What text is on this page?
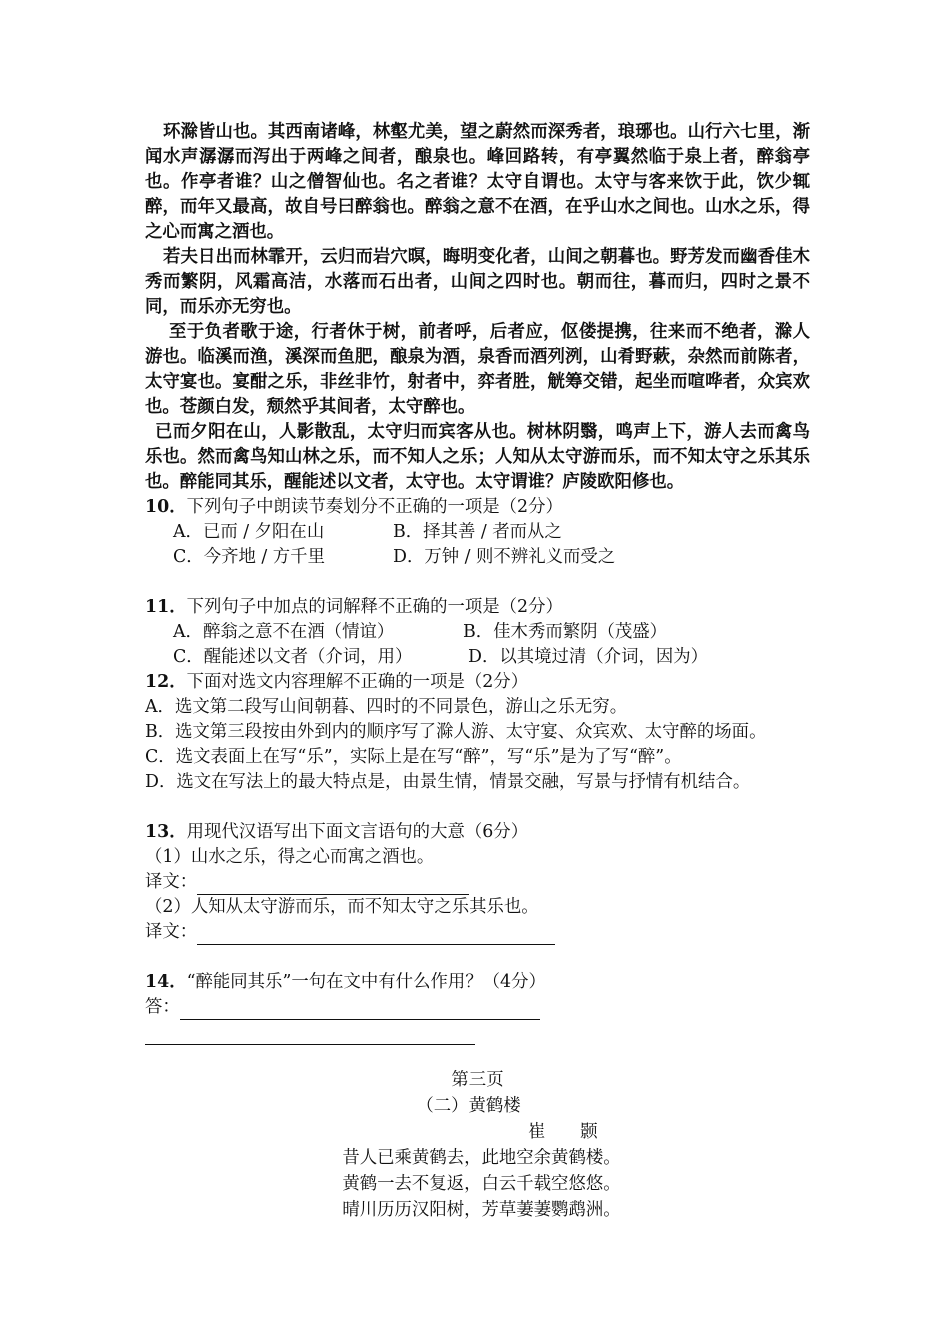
环滁皆山也。其西南诸峰，林壑尤美，望之蔚然而深秀者，琅琊也。山行六七里，渐闻水声潺潺而泻出于两峰之间者，酿泉也。峰回路转，有亭翼然临于泉上者，醉翁亭也。作亭者谁？山之僧智仙也。名之者谁？太守自谓也。太守与客来饮于此，饮少辄醉，而年又最高，故自号曰醉翁也。醉翁之意不在酒，在乎山水之间也。山水之乐，得之心而寓之酒也。

若夫日出而林霏开，云归而岩穴暝，晦明变化者，山间之朝暮也。野芳发而幽香佳木秀而繁阴，风霜高洁，水落而石出者，山间之四时也。朝而往，暮而归，四时之景不同，而乐亦无穷也。

至于负者歌于途，行者休于树，前者呼，后者应，伛偻提携，往来而不绝者，滁人游也。临溪而渔，溪深而鱼肥，酿泉为酒，泉香而酒列洌，山肴野蔌，杂然而前陈者，太守宴也。宴酣之乐，非丝非竹，射者中，弈者胜，觥筹交错，起坐而喧哗者，众宾欢也。苍颜白发，颓然乎其间者，太守醉也。

已而夕阳在山，人影散乱，太守归而宾客从也。树林阴翳，鸣声上下，游人去而禽鸟乐也。然而禽鸟知山林之乐，而不知人之乐；人知从太守游而乐，而不知太守之乐其乐也。醉能同其乐，醒能述以文者，太守也。太守谓谁？庐陵欧阳修也。

10．下列句子中朗读节奏划分不正确的一项是（2分）

A．已而 / 夕阳在山	B．择其善 / 者而从之
C．今齐地 / 方千里	D．万钟 / 则不辨礼义而受之

11．下列句子中加点的词解释不正确的一项是（2分）

A．醉翁之意不在酒（情谊）	B．佳木秀而繁阴（茂盛）
C．醒能述以文者（介词，用）	D．以其境过清（介词，因为）

12．下面对选文内容理解不正确的一项是（2分）

A．选文第二段写山间朝暮、四时的不同景色，游山之乐无穷。

B．选文第三段按由外到内的顺序写了滁人游、太守宴、众宾欢、太守醉的场面。

C．选文表面上在写“乐”，实际上是在写“醉”，写“乐”是为了写“醉”。

D．选文在写法上的最大特点是，由景生情，情景交融，写景与抒情有机结合。

13．用现代汉语写出下面文言语句的大意（6分）

（1）山水之乐，得之心而寓之酒也。

译文：

（2）人知从太守游而乐，而不知太守之乐其乐也。

译文：

14．“醉能同其乐”一句在文中有什么作用？（4分）

答：

第三页

（二）黄鹤楼

崔　　颢

昔人已乘黄鹤去，此地空余黄鹤楼。

黄鹤一去不复返，白云千载空悠悠。

晴川历历汉阳树，芳草萋萋鹦鹉洲。
